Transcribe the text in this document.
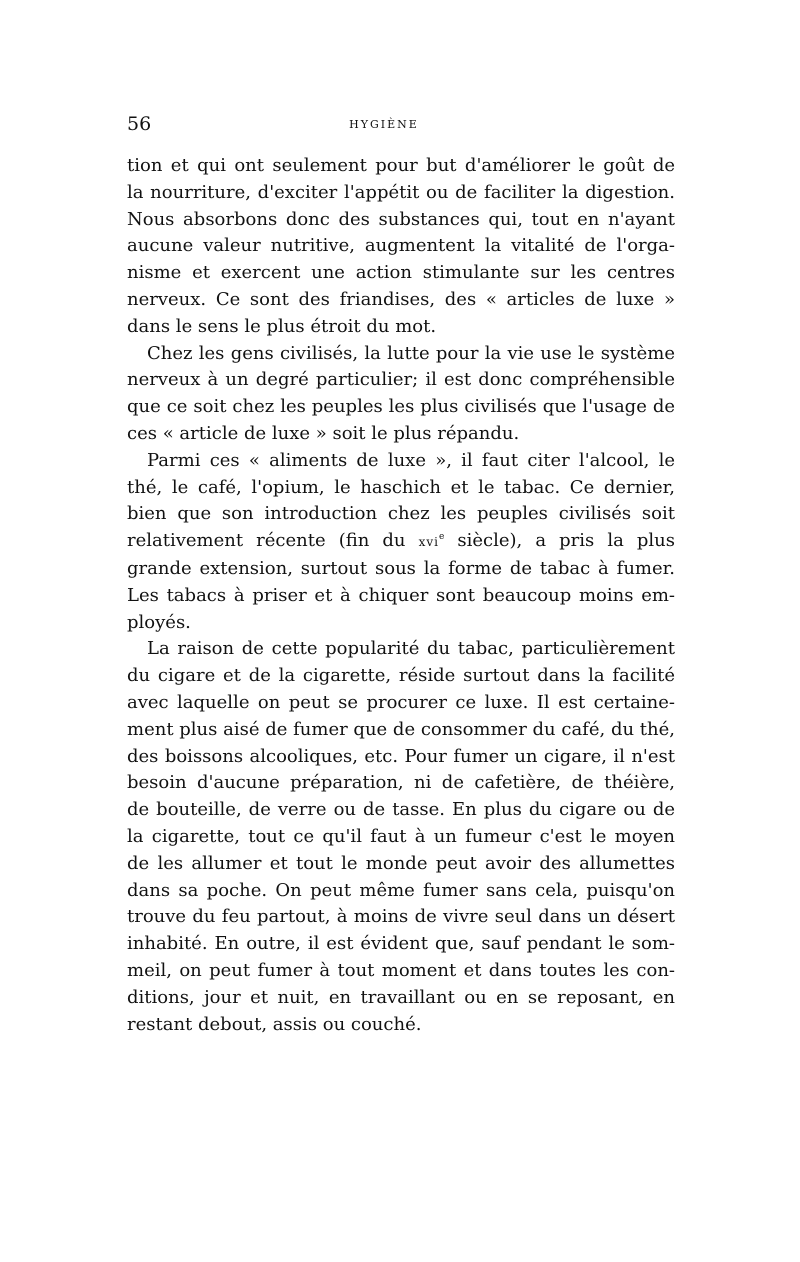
56	HYGIÈNE
tion et qui ont seulement pour but d'améliorer le goût de
la nourriture, d'exciter l'appétit ou de faciliter la digestion.
Nous absorbons donc des substances qui, tout en n'ayant
aucune valeur nutritive, augmentent la vitalité de l'orga-
nisme et exercent une action stimulante sur les centres
nerveux. Ce sont des friandises, des « articles de luxe »
dans le sens le plus étroit du mot.
Chez les gens civilisés, la lutte pour la vie use le système
nerveux à un degré particulier; il est donc compréhensible
que ce soit chez les peuples les plus civilisés que l'usage de
ces « article de luxe » soit le plus répandu.
Parmi ces « aliments de luxe », il faut citer l'alcool, le
thé, le café, l'opium, le haschich et le tabac. Ce dernier,
bien que son introduction chez les peuples civilisés soit
relativement récente (fin du xvi$^e$ siècle), a pris la plus
grande extension, surtout sous la forme de tabac à fumer.
Les tabacs à priser et à chiquer sont beaucoup moins em-
ployés.
La raison de cette popularité du tabac, particulièrement
du cigare et de la cigarette, réside surtout dans la facilité
avec laquelle on peut se procurer ce luxe. Il est certaine-
ment plus aisé de fumer que de consommer du café, du thé,
des boissons alcooliques, etc. Pour fumer un cigare, il n'est
besoin d'aucune préparation, ni de cafetière, de théière,
de bouteille, de verre ou de tasse. En plus du cigare ou de
la cigarette, tout ce qu'il faut à un fumeur c'est le moyen
de les allumer et tout le monde peut avoir des allumettes
dans sa poche. On peut même fumer sans cela, puisqu'on
trouve du feu partout, à moins de vivre seul dans un désert
inhabité. En outre, il est évident que, sauf pendant le som-
meil, on peut fumer à tout moment et dans toutes les con-
ditions, jour et nuit, en travaillant ou en se reposant, en
restant debout, assis ou couché.
